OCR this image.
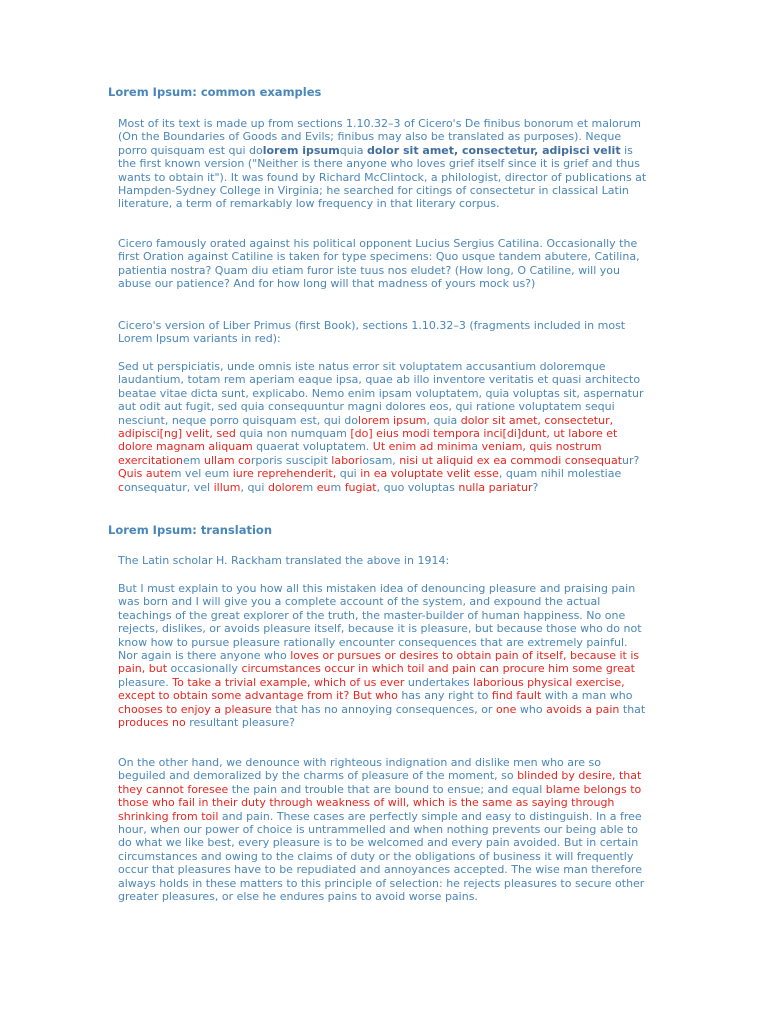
Lorem Ipsum: common examples

Most of its text is made up from sections 1.10.32–3 of Cicero's De finibus bonorum et malorum (On the Boundaries of Goods and Evils; finibus may also be translated as purposes). Neque porro quisquam est qui dolorem ipsumquia dolor sit amet, consectetur, adipisci velit is the first known version ("Neither is there anyone who loves grief itself since it is grief and thus wants to obtain it"). It was found by Richard McClintock, a philologist, director of publications at Hampden-Sydney College in Virginia; he searched for citings of consectetur in classical Latin literature, a term of remarkably low frequency in that literary corpus.

Cicero famously orated against his political opponent Lucius Sergius Catilina. Occasionally the first Oration against Catiline is taken for type specimens: Quo usque tandem abutere, Catilina, patientia nostra? Quam diu etiam furor iste tuus nos eludet? (How long, O Catiline, will you abuse our patience? And for how long will that madness of yours mock us?)

Cicero's version of Liber Primus (first Book), sections 1.10.32–3 (fragments included in most Lorem Ipsum variants in red):

Sed ut perspiciatis, unde omnis iste natus error sit voluptatem accusantium doloremque laudantium, totam rem aperiam eaque ipsa, quae ab illo inventore veritatis et quasi architecto beatae vitae dicta sunt, explicabo. Nemo enim ipsam voluptatem, quia voluptas sit, aspernatur aut odit aut fugit, sed quia consequuntur magni dolores eos, qui ratione voluptatem sequi nesciunt, neque porro quisquam est, qui dolorem ipsum, quia dolor sit amet, consectetur, adipisci[ng] velit, sed quia non numquam [do] eius modi tempora inci[di]dunt, ut labore et dolore magnam aliquam quaerat voluptatem. Ut enim ad minima veniam, quis nostrum exercitationem ullam corporis suscipit laboriosam, nisi ut aliquid ex ea commodi consequatur? Quis autem vel eum iure reprehenderit, qui in ea voluptate velit esse, quam nihil molestiae consequatur, vel illum, qui dolorem eum fugiat, quo voluptas nulla pariatur?

Lorem Ipsum: translation

The Latin scholar H. Rackham translated the above in 1914:

But I must explain to you how all this mistaken idea of denouncing pleasure and praising pain was born and I will give you a complete account of the system, and expound the actual teachings of the great explorer of the truth, the master-builder of human happiness. No one rejects, dislikes, or avoids pleasure itself, because it is pleasure, but because those who do not know how to pursue pleasure rationally encounter consequences that are extremely painful. Nor again is there anyone who loves or pursues or desires to obtain pain of itself, because it is pain, but occasionally circumstances occur in which toil and pain can procure him some great pleasure. To take a trivial example, which of us ever undertakes laborious physical exercise, except to obtain some advantage from it? But who has any right to find fault with a man who chooses to enjoy a pleasure that has no annoying consequences, or one who avoids a pain that produces no resultant pleasure?

On the other hand, we denounce with righteous indignation and dislike men who are so beguiled and demoralized by the charms of pleasure of the moment, so blinded by desire, that they cannot foresee the pain and trouble that are bound to ensue; and equal blame belongs to those who fail in their duty through weakness of will, which is the same as saying through shrinking from toil and pain. These cases are perfectly simple and easy to distinguish. In a free hour, when our power of choice is untrammelled and when nothing prevents our being able to do what we like best, every pleasure is to be welcomed and every pain avoided. But in certain circumstances and owing to the claims of duty or the obligations of business it will frequently occur that pleasures have to be repudiated and annoyances accepted. The wise man therefore always holds in these matters to this principle of selection: he rejects pleasures to secure other greater pleasures, or else he endures pains to avoid worse pains.
